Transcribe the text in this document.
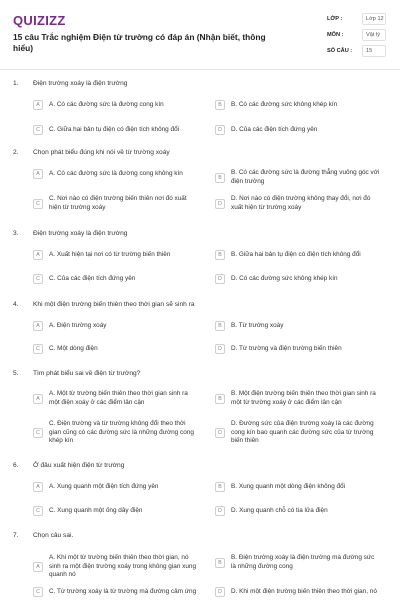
QUIZIZZ
15 câu Trắc nghiệm Điện từ trường có đáp án (Nhận biết, thông hiểu)
LỚP :	Lớp 12
MÔN :	Vật lý
SỐ CÂU :	15
1. Điện trường xoáy là điện trường
A	A. Có các đường sức là đường cong kín	B	B. Có các đường sức không khép kín
C	C. Giữa hai bản tụ điện có điện tích không đổi	D	D. Của các điện tích đứng yên
2. Chọn phát biểu đúng khi nói về từ trường xoáy
A	A. Có các đường sức là đường cong không kín
B
B. Có các đường sức là đường thẳng vuông góc với điện trường
C
C. Nơi nào có điện trường biến thiên nơi đó xuất hiện từ trường xoáy	D
D. Nơi nào có điện trường không thay đổi, nơi đó xuất hiện từ trường xoáy
3. Điện trường xoáy là điện trường
A	A. Xuất hiện tại nơi có từ trường biến thiên	B	B. Giữa hai bản tụ điện có điện tích không đổi
C	C. Của các điện tích đứng yên	D	D. Có các đường sức không khép kín
4. Khi một điện trường biến thiên theo thời gian sẽ sinh ra
A	A. Điện trường xoáy	B	B. Từ trường xoáy
C	C. Một dòng điện	D	D. Từ trường và điện trường biến thiên
5. Tìm phát biểu sai về điện từ trường?
A
A. Một từ trường biến thiên theo thời gian sinh ra một điện xoáy ở các điểm lân cận	B
B. Một điện trường biến thiên theo thời gian sinh ra một từ trường xoáy ở các điểm lân cận
C
C. Điện trường và từ trường không đổi theo thời gian cũng có các đường sức là những đường cong khép kín
D
D. Đường sức của điện trường xoáy là các đường cong kín bao quanh các đường sức của từ trường biến thiên
6. Ở đâu xuất hiện điện từ trường
A	A. Xung quanh một điện tích đứng yên	B	B. Xung quanh một dòng điện không đổi
C	C. Xung quanh một ống dây điện	D	D. Xung quanh chỗ có tia lửa điện
7. Chọn câu sai.
A
A. Khi một từ trường biến thiên theo thời gian, nó sinh ra một điện trường xoáy trong không gian xung quanh nó
B
B. Điện trường xoáy là điện trường mà đường sức là những đường cong
C	C. Từ trường xoáy là từ trường mà đường cảm ứng	D	D. Khi một điện trường biến thiên theo thời gian, nó
